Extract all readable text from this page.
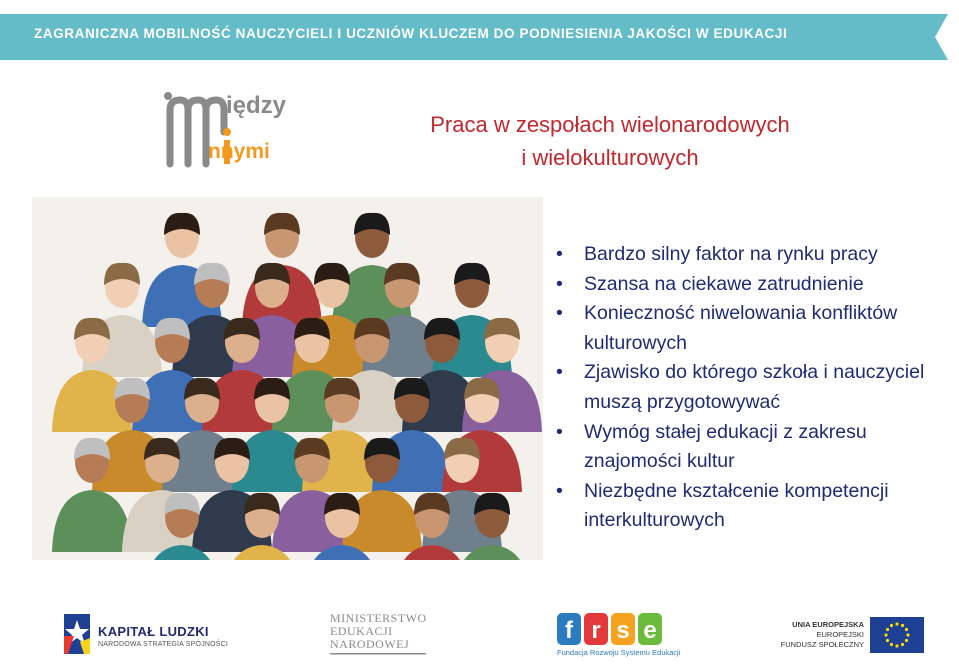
ZAGRANICZNA MOBILNOŚĆ NAUCZYCIELI I UCZNIÓW KLUCZEM DO PODNIESIENIA JAKOŚCI W EDUKACJI
iędzy
nnymi
Praca w zespołach wielonarodowych
i wielokulturowych
• Bardzo silny faktor na rynku pracy
• Szansa na ciekawe zatrudnienie
• Konieczność niwelowania konfliktów kulturowych
• Zjawisko do którego szkoła i nauczyciel muszą przygotowywać
• Wymóg stałej edukacji z zakresu znajomości kultur
• Niezbędne kształcenie kompetencji interkulturowych
KAPITAŁ LUDZKI
NARODOWA STRATEGIA SPÓJNOŚCI
MINISTERSTWO
EDUKACJI
NARODOWEJ	f r s e
Fundacja Rozwoju Systemu Edukacji
UNIA EUROPEJSKA
EUROPEJSKI
FUNDUSZ SPOŁECZNY
